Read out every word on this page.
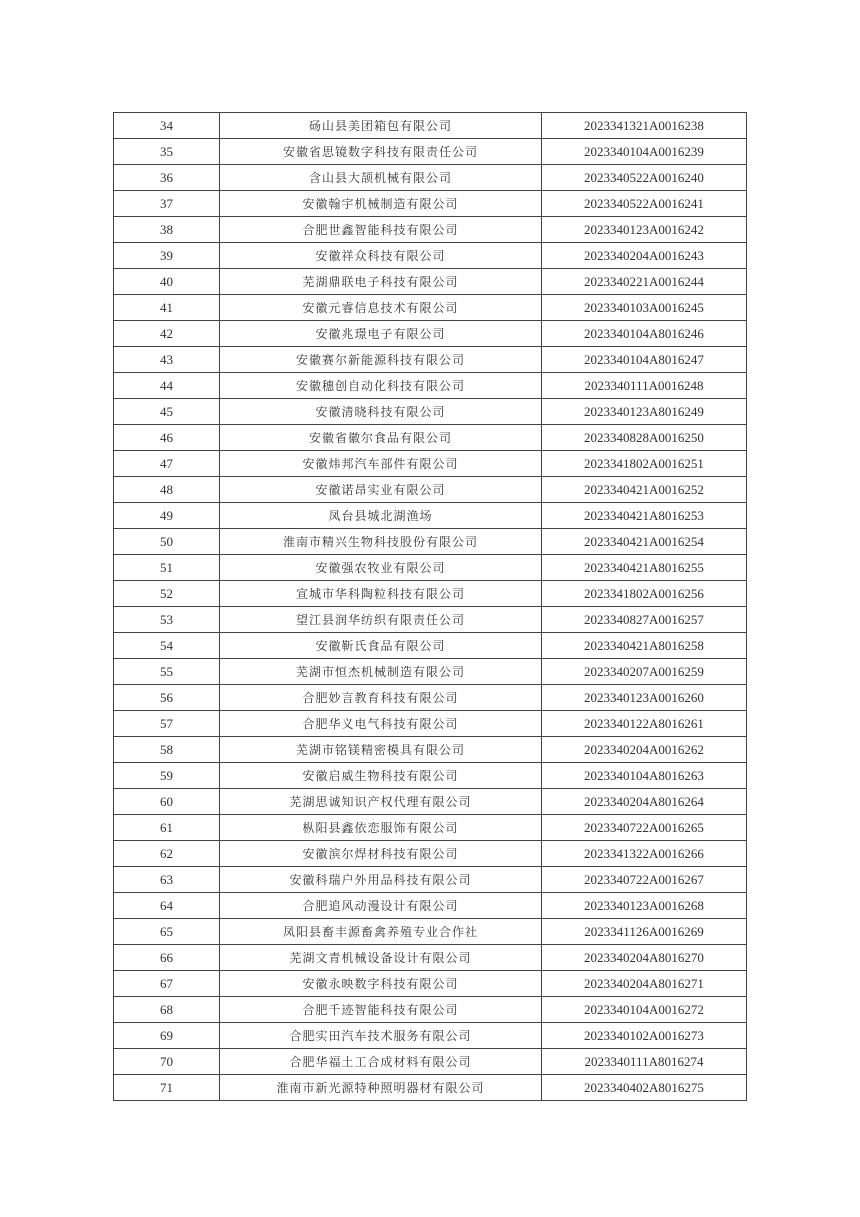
34	砀山县美团箱包有限公司	2023341321A0016238
35	安徽省思镜数字科技有限责任公司	2023340104A0016239
36	含山县大颉机械有限公司	2023340522A0016240
37	安徽翰宇机械制造有限公司	2023340522A0016241
38	合肥世鑫智能科技有限公司	2023340123A0016242
39	安徽祥众科技有限公司	2023340204A0016243
40	芜湖鼎联电子科技有限公司	2023340221A0016244
41	安徽元睿信息技术有限公司	2023340103A0016245
42	安徽兆璟电子有限公司	2023340104A8016246
43	安徽赛尔新能源科技有限公司	2023340104A8016247
44	安徽穗创自动化科技有限公司	2023340111A0016248
45	安徽清晓科技有限公司	2023340123A8016249
46	安徽省徽尔食品有限公司	2023340828A0016250
47	安徽炜邦汽车部件有限公司	2023341802A0016251
48	安徽诺昂实业有限公司	2023340421A0016252
49	凤台县城北湖渔场	2023340421A8016253
50	淮南市精兴生物科技股份有限公司	2023340421A0016254
51	安徽强农牧业有限公司	2023340421A8016255
52	宣城市华科陶粒科技有限公司	2023341802A0016256
53	望江县润华纺织有限责任公司	2023340827A0016257
54	安徽靳氏食品有限公司	2023340421A8016258
55	芜湖市恒杰机械制造有限公司	2023340207A0016259
56	合肥妙言教育科技有限公司	2023340123A0016260
57	合肥华义电气科技有限公司	2023340122A8016261
58	芜湖市铭镁精密模具有限公司	2023340204A0016262
59	安徽启威生物科技有限公司	2023340104A8016263
60	芜湖思诚知识产权代理有限公司	2023340204A8016264
61	枞阳县鑫依恋服饰有限公司	2023340722A0016265
62	安徽滨尔焊材科技有限公司	2023341322A0016266
63	安徽科瑞户外用品科技有限公司	2023340722A0016267
64	合肥追风动漫设计有限公司	2023340123A0016268
65	凤阳县畜丰源畜禽养殖专业合作社	2023341126A0016269
66	芜湖文青机械设备设计有限公司	2023340204A8016270
67	安徽永映数字科技有限公司	2023340204A8016271
68	合肥千迹智能科技有限公司	2023340104A0016272
69	合肥实田汽车技术服务有限公司	2023340102A0016273
70	合肥华福土工合成材料有限公司	2023340111A8016274
71	淮南市新光源特种照明器材有限公司	2023340402A8016275
